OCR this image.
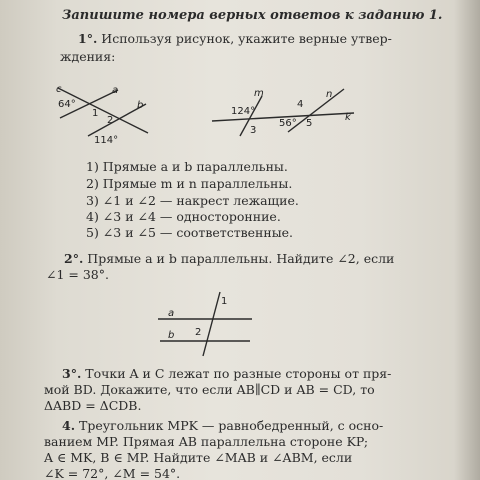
Запишите номера верных ответов к заданию 1.
1°. Используя рисунок, укажите верные утвер-
ждения:
c	a
b
64°
1
2
114°
m	n
k
124°
4
3
56° 5
1) Прямые a и b параллельны.
2) Прямые m и n параллельны.
3) ∠1 и ∠2 — накрест лежащие.
4) ∠3 и ∠4 — односторонние.
5) ∠3 и ∠5 — соответственные.
2°. Прямые a и b параллельны. Найдите ∠2, если
∠1 = 38°.
a
b
1
2
3°. Точки A и C лежат по разные стороны от пря-
мой BD. Докажите, что если AB∥CD и AB = CD, то
ΔABD = ΔCDB.
4. Треугольник MPK — равнобедренный, с осно-
ванием MP. Прямая AB параллельна стороне KP;
A ∈ MK, B ∈ MP. Найдите ∠MAB и ∠ABM, если
∠K = 72°, ∠M = 54°.
